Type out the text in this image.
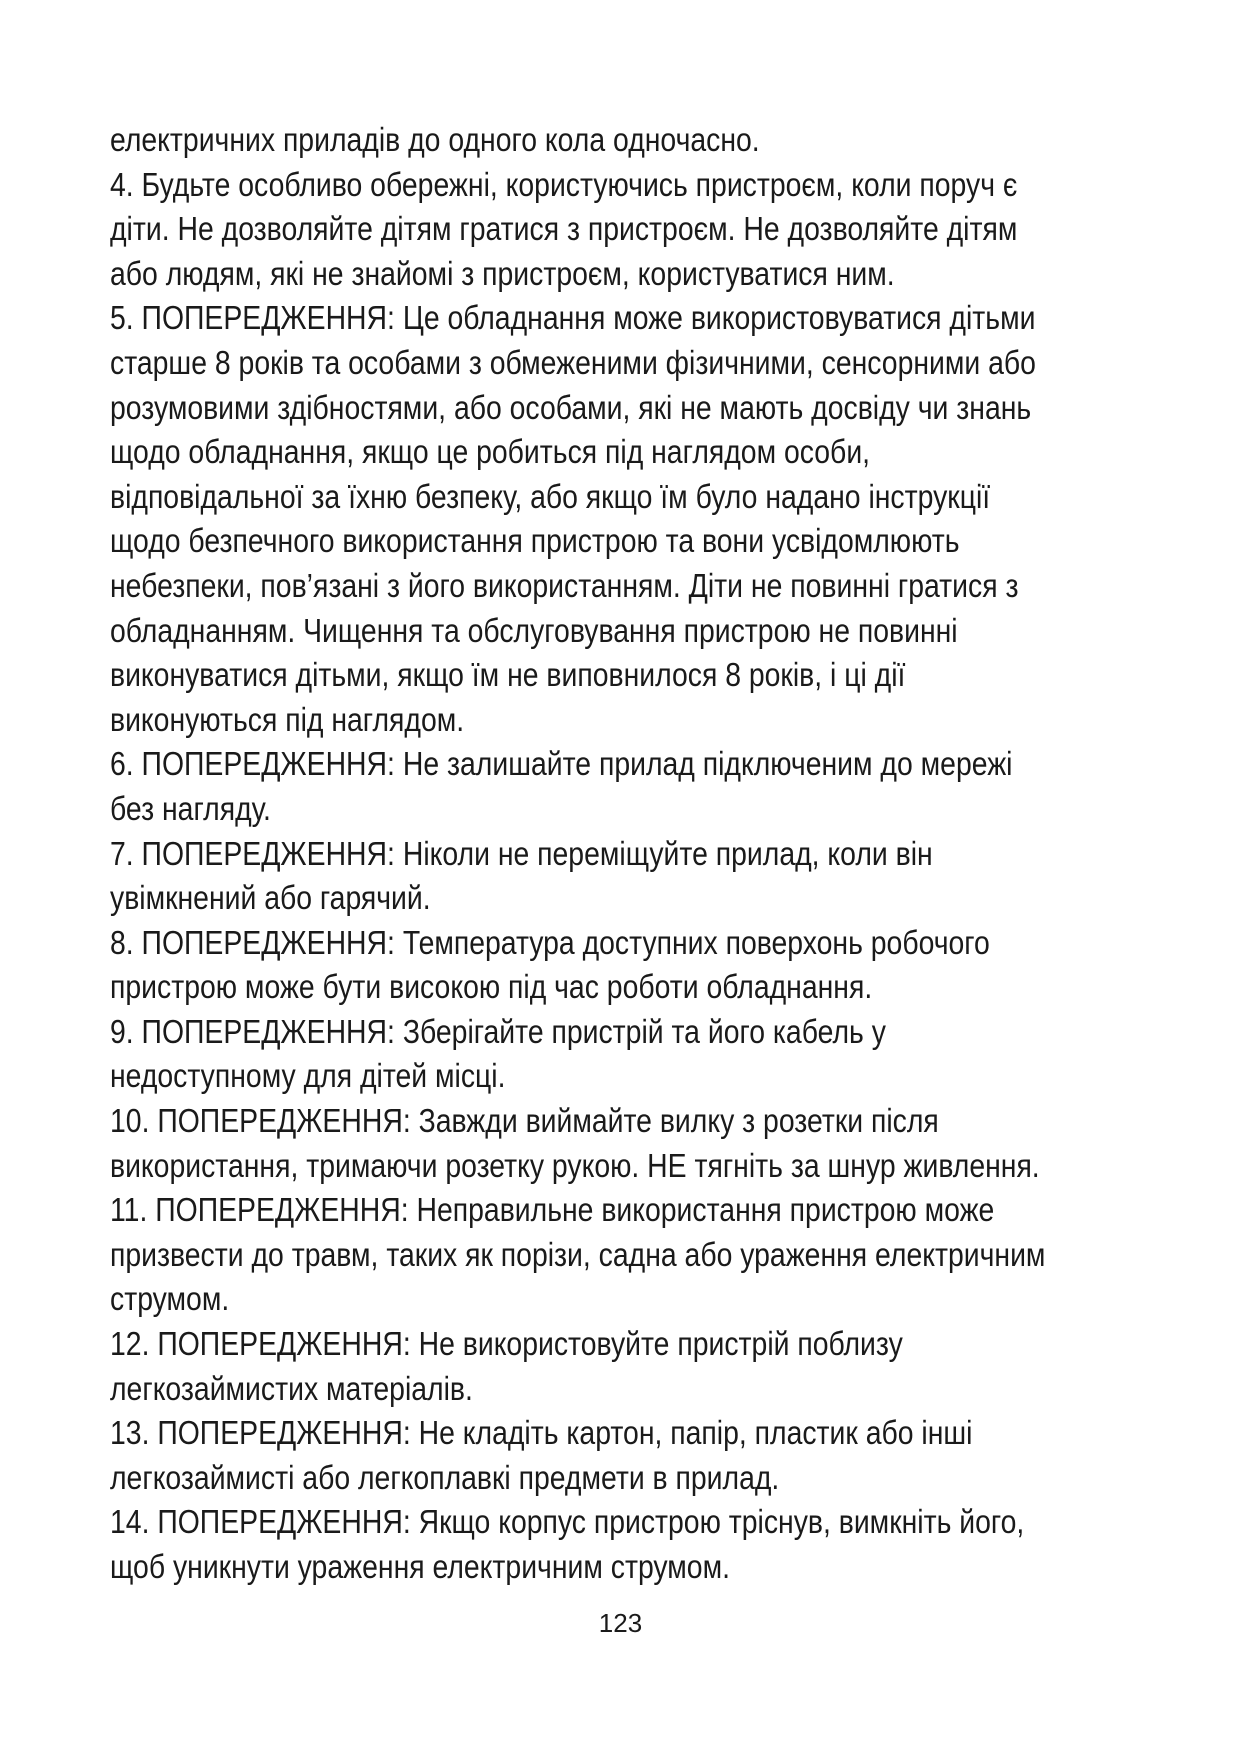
електричних приладів до одного кола одночасно.
4. Будьте особливо обережні, користуючись пристроєм, коли поруч є
діти. Не дозволяйте дітям гратися з пристроєм. Не дозволяйте дітям
або людям, які не знайомі з пристроєм, користуватися ним.
5. ПОПЕРЕДЖЕННЯ: Це обладнання може використовуватися дітьми
старше 8 років та особами з обмеженими фізичними, сенсорними або
розумовими здібностями, або особами, які не мають досвіду чи знань
щодо обладнання, якщо це робиться під наглядом особи,
відповідальної за їхню безпеку, або якщо їм було надано інструкції
щодо безпечного використання пристрою та вони усвідомлюють
небезпеки, пов’язані з його використанням. Діти не повинні гратися з
обладнанням. Чищення та обслуговування пристрою не повинні
виконуватися дітьми, якщо їм не виповнилося 8 років, і ці дії
виконуються під наглядом.
6. ПОПЕРЕДЖЕННЯ: Не залишайте прилад підключеним до мережі
без нагляду.
7. ПОПЕРЕДЖЕННЯ: Ніколи не переміщуйте прилад, коли він
увімкнений або гарячий.
8. ПОПЕРЕДЖЕННЯ: Температура доступних поверхонь робочого
пристрою може бути високою під час роботи обладнання.
9. ПОПЕРЕДЖЕННЯ: Зберігайте пристрій та його кабель у
недоступному для дітей місці.
10. ПОПЕРЕДЖЕННЯ: Завжди виймайте вилку з розетки після
використання, тримаючи розетку рукою. НЕ тягніть за шнур живлення.
11. ПОПЕРЕДЖЕННЯ: Неправильне використання пристрою може
призвести до травм, таких як порізи, садна або ураження електричним
струмом.
12. ПОПЕРЕДЖЕННЯ: Не використовуйте пристрій поблизу
легкозаймистих матеріалів.
13. ПОПЕРЕДЖЕННЯ: Не кладіть картон, папір, пластик або інші
легкозаймисті або легкоплавкі предмети в прилад.
14. ПОПЕРЕДЖЕННЯ: Якщо корпус пристрою тріснув, вимкніть його,
щоб уникнути ураження електричним струмом.
123
